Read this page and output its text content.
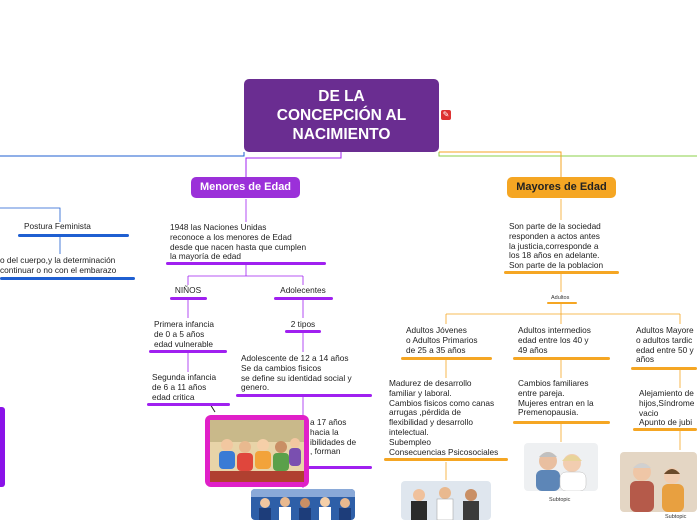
DE LA
CONCEPCIÓN AL
NACIMIENTO
✎
Menores de Edad	Mayores de Edad
Postura Feminista
o del cuerpo,y la determinación
continuar o no con el embarazo
1948 las Naciones Unidas
reconoce a los menores de Edad
desde que nacen hasta que cumplen
la mayoría de edad
NIÑOS	Adolecentes
Primera infancia
de 0 a 5 años
edad vulnerable
Segunda infancia
de 6 a 11 años
edad critica
2 tipos
Adolescente de 12 a 14 años
Se da cambios fisicos
se define su identidad social y
genero.
a 17 años
hacia la
ibilidades de
, forman
Son parte de la sociedad
responden a actos antes
la justicia,corresponde a
los 18 años en adelante.
Son parte de la poblacion
Adultos
Adultos Jóvenes
o Adultos Primarios
de 25 a 35 años
Adultos intermedios
edad entre los 40 y
49 años
Adultos Mayore
o adultos tardic
edad entre 50 y
años
Madurez de desarrollo
familiar y laboral.
Cambios fisicos como canas
arrugas ,pérdida de
flexibilidad y desarrollo
intelectual.
Subempleo
Consecuencias Psicosociales
Cambios familiares
entre pareja.
Mujeres entran en la
Premenopausia.
Alejamiento de
hijos,Síndrome
vacio
Apunto de jubi
Subtopic
Subtopic
